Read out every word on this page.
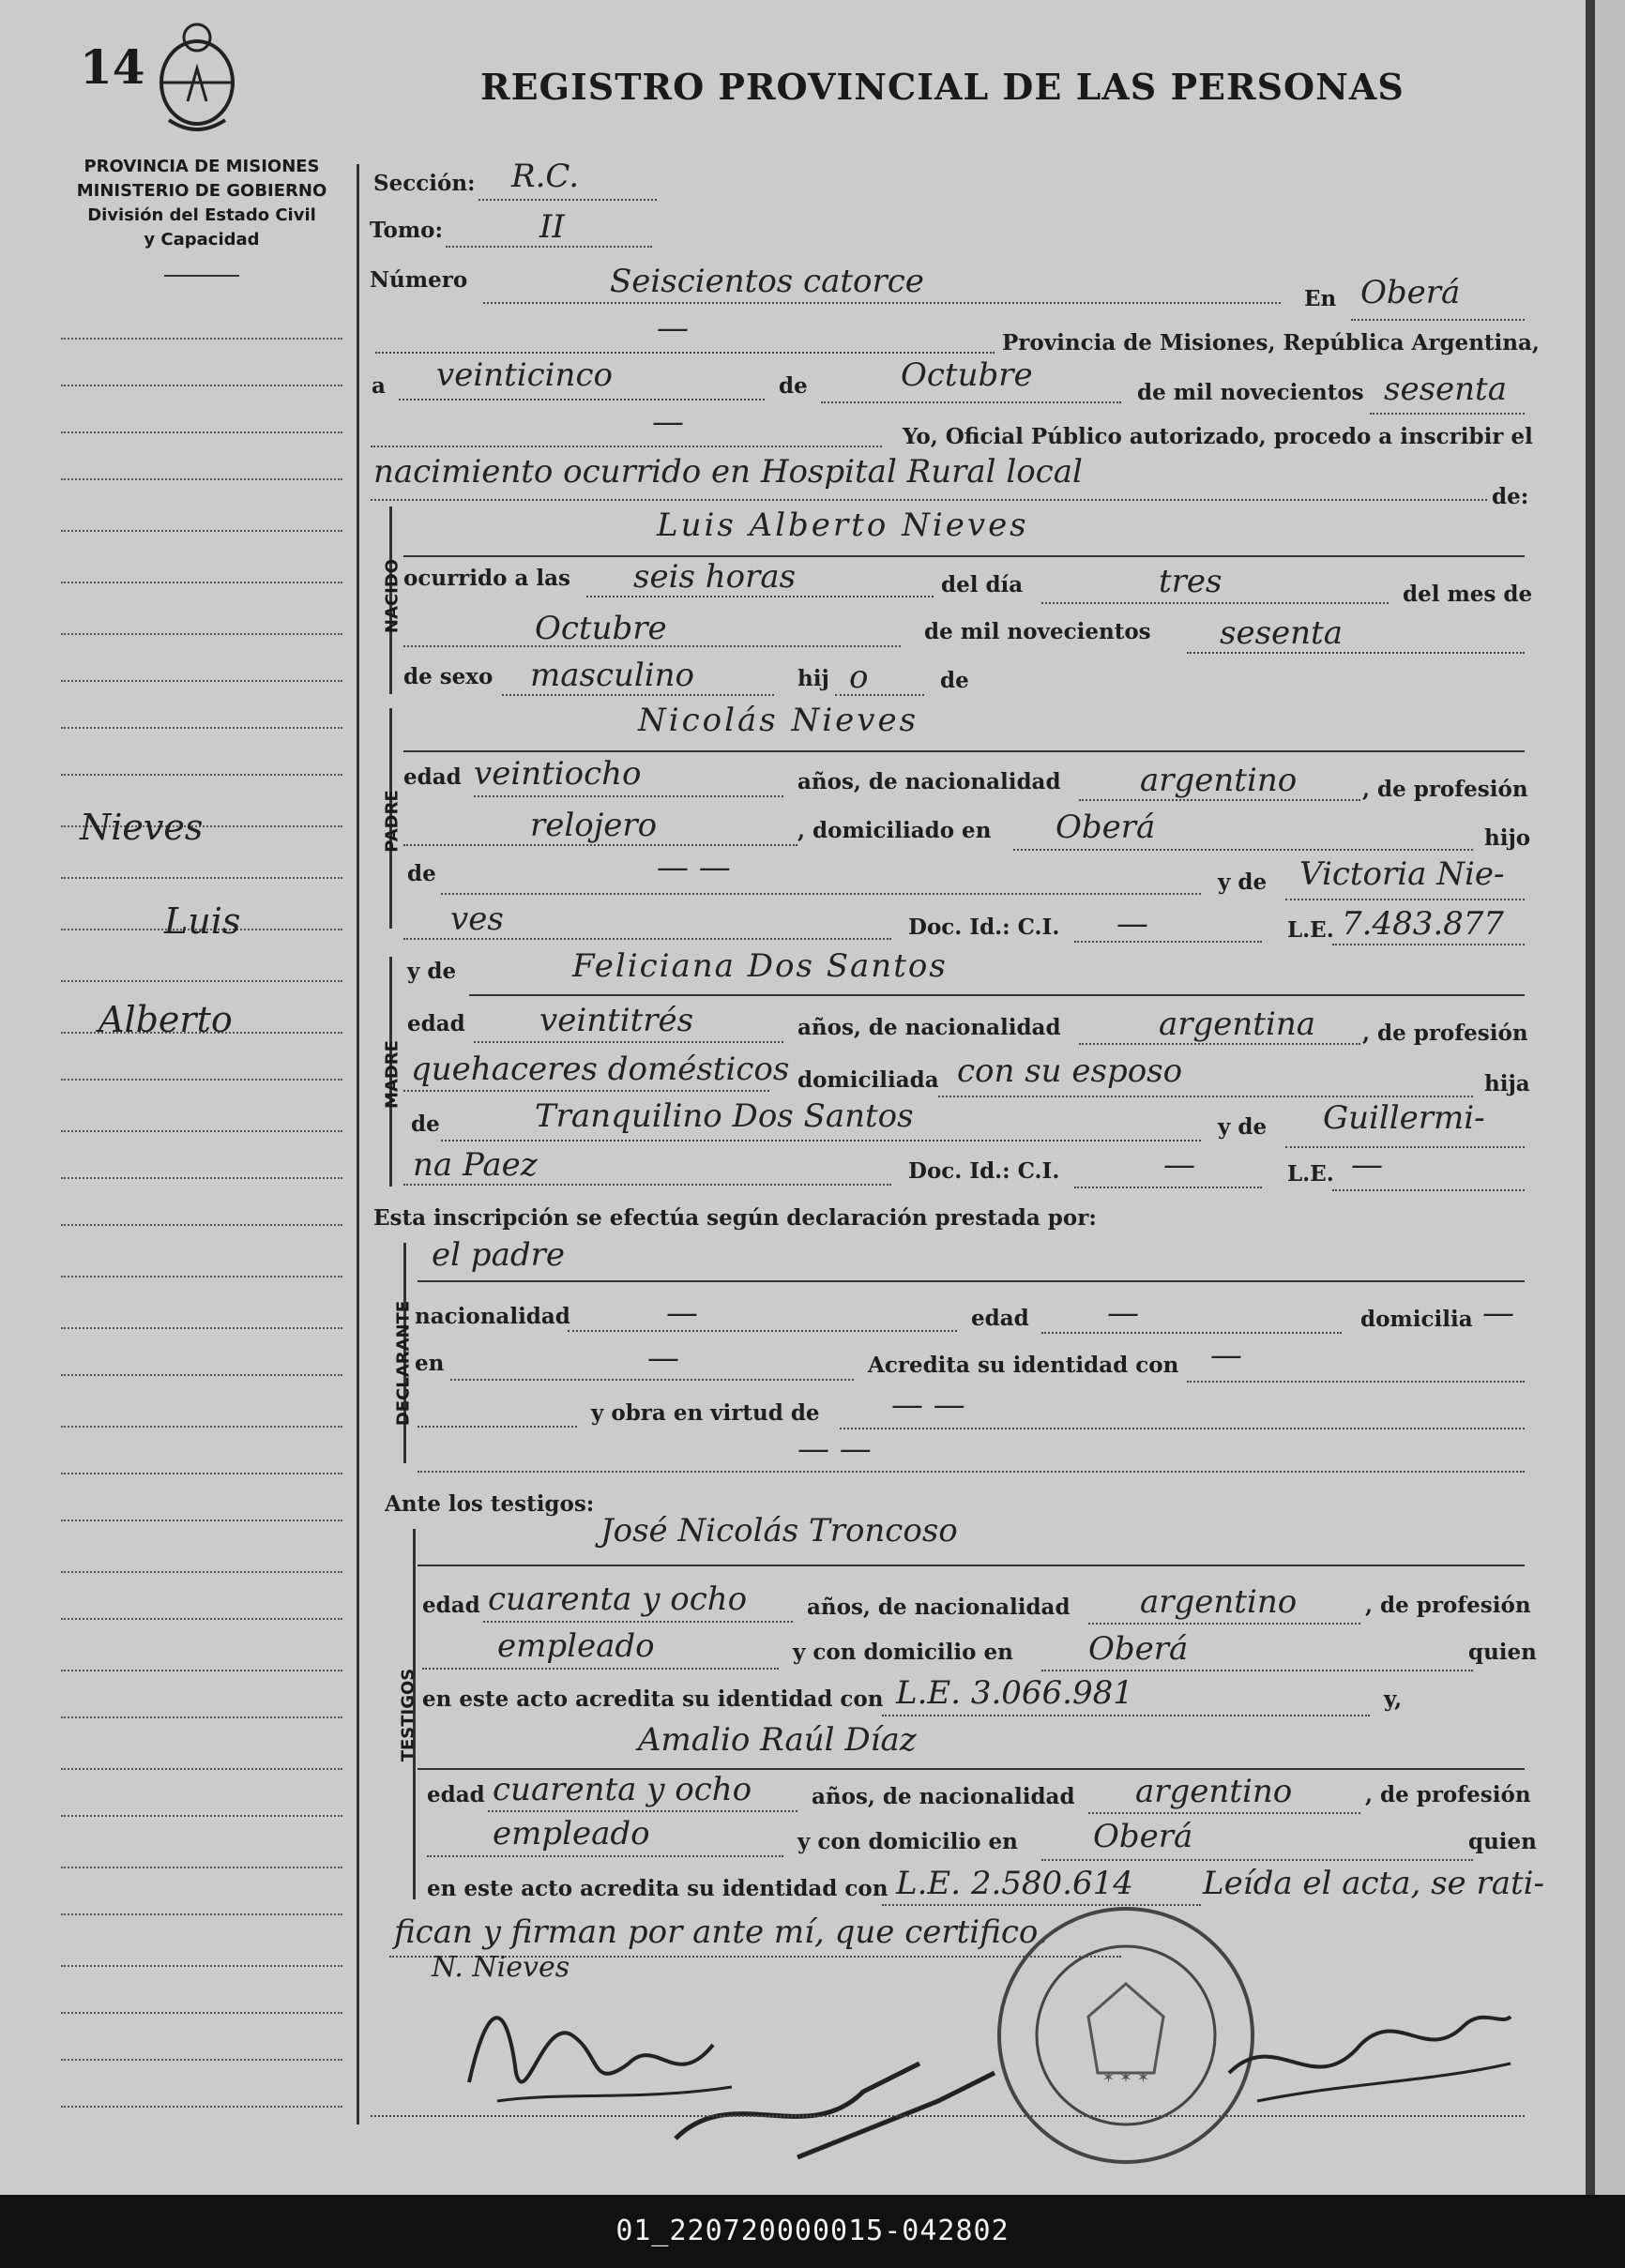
14	REGISTRO PROVINCIAL DE LAS PERSONAS
PROVINCIA DE MISIONES
MINISTERIO DE GOBIERNO
División del Estado Civil
y Capacidad
Nieves
Luis
Alberto
Sección: R.C.
Tomo:	II
Número	Seiscientos catorce	En Oberá
—	Provincia de Misiones, República Argentina,
a veinticinco	de	Octubre	de mil novecientos sesenta
—	Yo, Oficial Público autorizado, procedo a inscribir el
nacimiento ocurrido en Hospital Rural local
de:
NACIDO
Luis Alberto Nieves
ocurrido a las seis horas	del día	tres	del mes de
Octubre	de mil novecientos sesenta
de sexo masculino	hij o	de
PADRE
Nicolás Nieves
edad veintiocho	años, de nacionalidad argentino	, de profesión
relojero	, domiciliado en Oberá	hijo
de	— —	y de Victoria Nie-
ves	Doc. Id.: C.I. —	L.E. 7.483.877
MADRE
y de	Feliciana Dos Santos
edad veintitrés	años, de nacionalidad	argentina , de profesión
quehaceres domésticos domiciliada con su esposo	hija
de	Tranquilino Dos Santos	y de Guillermi-
na Paez	Doc. Id.: C.I.	—	L.E. —
Esta inscripción se efectúa según declaración prestada por:
DECLARANTE
el padre
nacionalidad	—	edad —	domicilia —
en	—	Acredita su identidad con —
y obra en virtud de — —
— —
Ante los testigos:
TESTIGOS
José Nicolás Troncoso
edad cuarenta y ocho	años, de nacionalidad argentino	, de profesión
empleado	y con domicilio en Oberá	quien
en este acto acredita su identidad con L.E. 3.066.981	y,
Amalio Raúl Díaz
edad cuarenta y ocho	años, de nacionalidad argentino	, de profesión
empleado	y con domicilio en Oberá	quien
en este acto acredita su identidad con L.E. 2.580.614 Leída el acta, se rati-
fican y firman por ante mí, que certifico.
N. Nieves
✶ ✶ ✶
01_220720000015-042802
